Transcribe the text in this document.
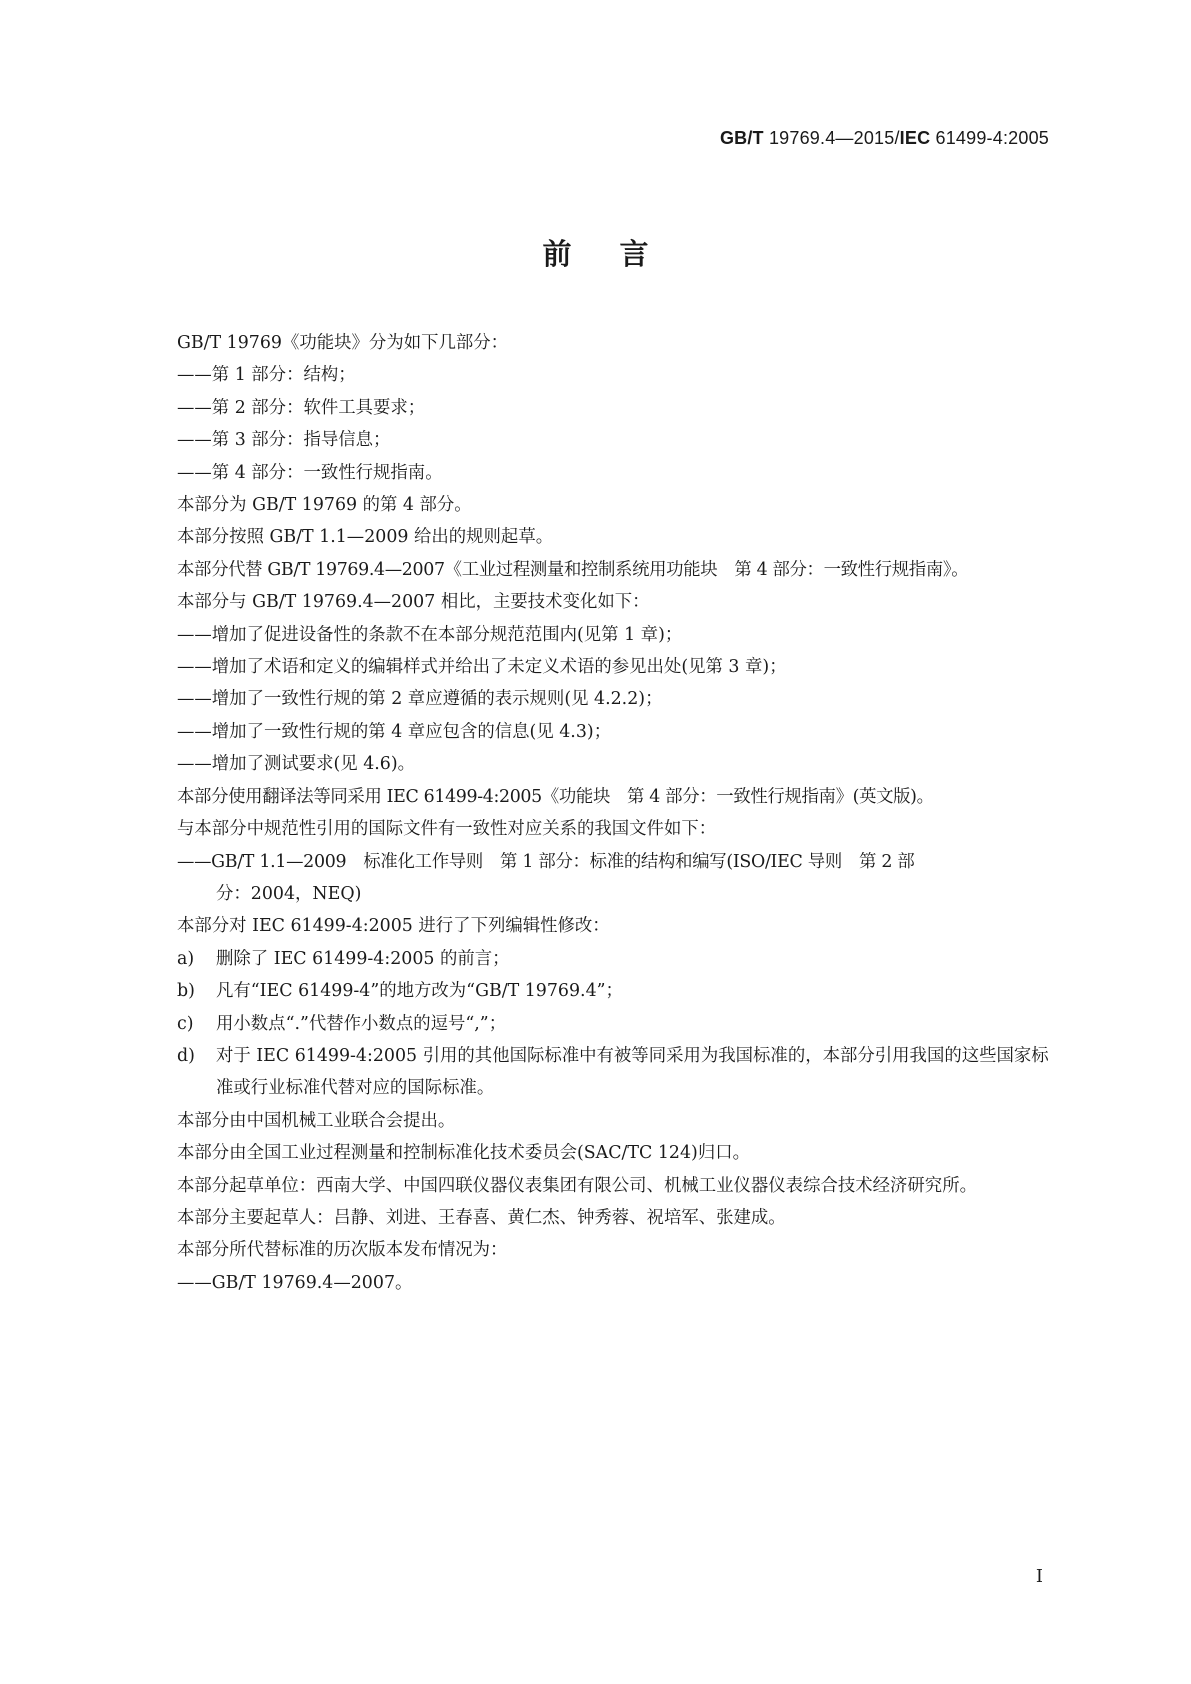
GB/T 19769.4—2015/IEC 61499-4:2005
前言

GB/T 19769《功能块》分为如下几部分：

——第 1 部分：结构；

——第 2 部分：软件工具要求；

——第 3 部分：指导信息；

——第 4 部分：一致性行规指南。

本部分为 GB/T 19769 的第 4 部分。

本部分按照 GB/T 1.1—2009 给出的规则起草。

本部分代替 GB/T 19769.4—2007《工业过程测量和控制系统用功能块　第 4 部分：一致性行规指南》。

本部分与 GB/T 19769.4—2007 相比，主要技术变化如下：

——增加了促进设备性的条款不在本部分规范范围内(见第 1 章)；

——增加了术语和定义的编辑样式并给出了未定义术语的参见出处(见第 3 章)；

——增加了一致性行规的第 2 章应遵循的表示规则(见 4.2.2)；

——增加了一致性行规的第 4 章应包含的信息(见 4.3)；

——增加了测试要求(见 4.6)。

本部分使用翻译法等同采用 IEC 61499-4:2005《功能块　第 4 部分：一致性行规指南》(英文版)。

与本部分中规范性引用的国际文件有一致性对应关系的我国文件如下：

——GB/T 1.1—2009　标准化工作导则　第 1 部分：标准的结构和编写(ISO/IEC 导则　第 2 部

分：2004，NEQ)

本部分对 IEC 61499-4:2005 进行了下列编辑性修改：

a) 删除了 IEC 61499-4:2005 的前言；

b) 凡有“IEC 61499-4”的地方改为“GB/T 19769.4”；

c) 用小数点“.”代替作小数点的逗号“,”；

d) 对于 IEC 61499-4:2005 引用的其他国际标准中有被等同采用为我国标准的，本部分引用我国的这些国家标准或行业标准代替对应的国际标准。

本部分由中国机械工业联合会提出。

本部分由全国工业过程测量和控制标准化技术委员会(SAC/TC 124)归口。

本部分起草单位：西南大学、中国四联仪器仪表集团有限公司、机械工业仪器仪表综合技术经济研究所。

本部分主要起草人：吕静、刘进、王春喜、黄仁杰、钟秀蓉、祝培军、张建成。

本部分所代替标准的历次版本发布情况为：

——GB/T 19769.4—2007。

I
